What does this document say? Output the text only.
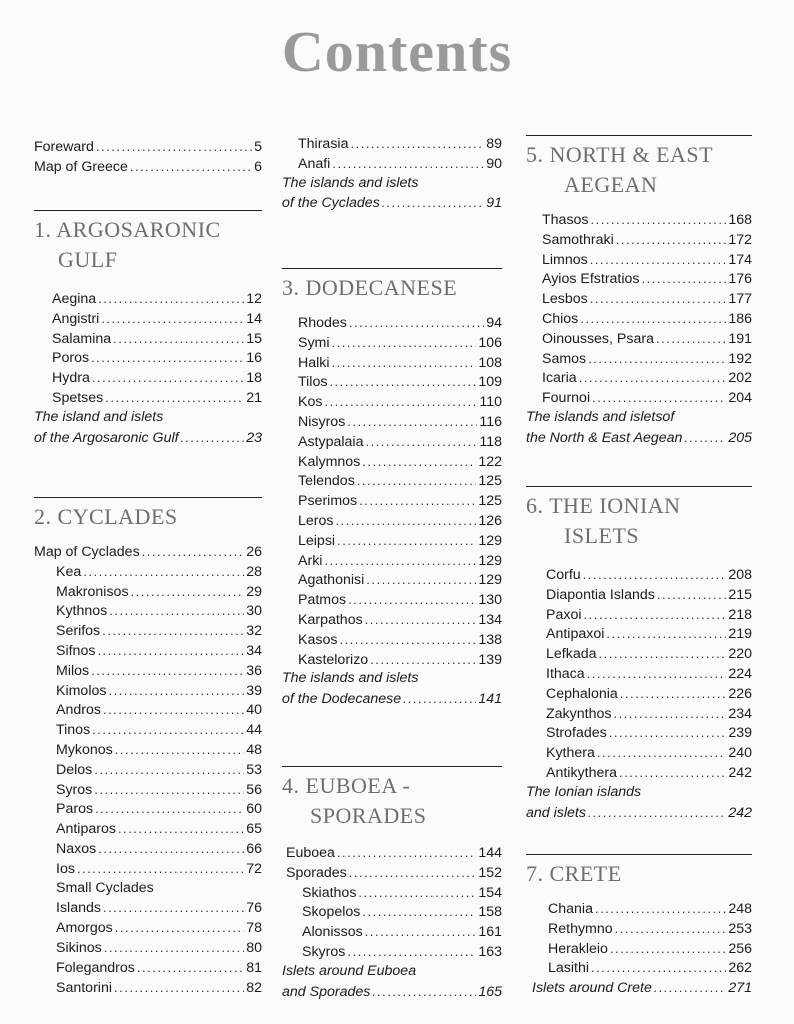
Contents
Foreward .....	5
Map of Greece .....	6
1. ARGOSARONIC
GULF
Aegina .....	12
Angistri .....	14
Salamina .....	15
Poros .....	16
Hydra .....	18
Spetses .....	21
The island and islets
of the Argosaronic Gulf .....	23
2. CYCLADES
Map of Cyclades .....	26
Kea .....	28
Makronisos .....	29
Kythnos .....	30
Serifos .....	32
Sifnos .....	34
Milos .....	36
Kimolos .....	39
Andros .....	40
Tinos .....	44
Mykonos .....	48
Delos .....	53
Syros .....	56
Paros .....	60
Antiparos .....	65
Naxos .....	66
Ios .....	72
Small Cyclades
Islands .....	76
Amorgos .....	78
Sikinos .....	80
Folegandros .....	81
Santorini .....	82
Thirasia .....	89
Anafi .....	90
The islands and islets
of the Cyclades .....	91
3. DODECANESE
Rhodes .....	94
Symi .....	106
Halki .....	108
Tilos .....	109
Kos .....	110
Nisyros .....	116
Astypalaia .....	118
Kalymnos .....	122
Telendos .....	125
Pserimos .....	125
Leros .....	126
Leipsi .....	129
Arki .....	129
Agathonisi .....	129
Patmos .....	130
Karpathos .....	134
Kasos .....	138
Kastelorizo .....	139
The islands and islets
of the Dodecanese .....	141
4. EUBOEA -
SPORADES
Euboea .....	144
Sporades .....	152
Skiathos .....	154
Skopelos .....	158
Alonissos .....	161
Skyros .....	163
Islets around Euboea
and Sporades .....	165
5. NORTH & EAST
AEGEAN
Thasos .....	168
Samothraki .....	172
Limnos .....	174
Ayios Efstratios .....	176
Lesbos .....	177
Chios .....	186
Oinousses, Psara .....	191
Samos .....	192
Icaria .....	202
Fournoi .....	204
The islands and isletsof
the North & East Aegean .....	205
6. THE IONIAN
ISLETS
Corfu .....	208
Diapontia Islands .....	215
Paxoi .....	218
Antipaxoi .....	219
Lefkada .....	220
Ithaca .....	224
Cephalonia .....	226
Zakynthos .....	234
Strofades .....	239
Kythera .....	240
Antikythera .....	242
The Ionian islands
and islets .....	242
7. CRETE
Chania .....	248
Rethymno .....	253
Herakleio .....	256
Lasithi .....	262
Islets around Crete .....	271
